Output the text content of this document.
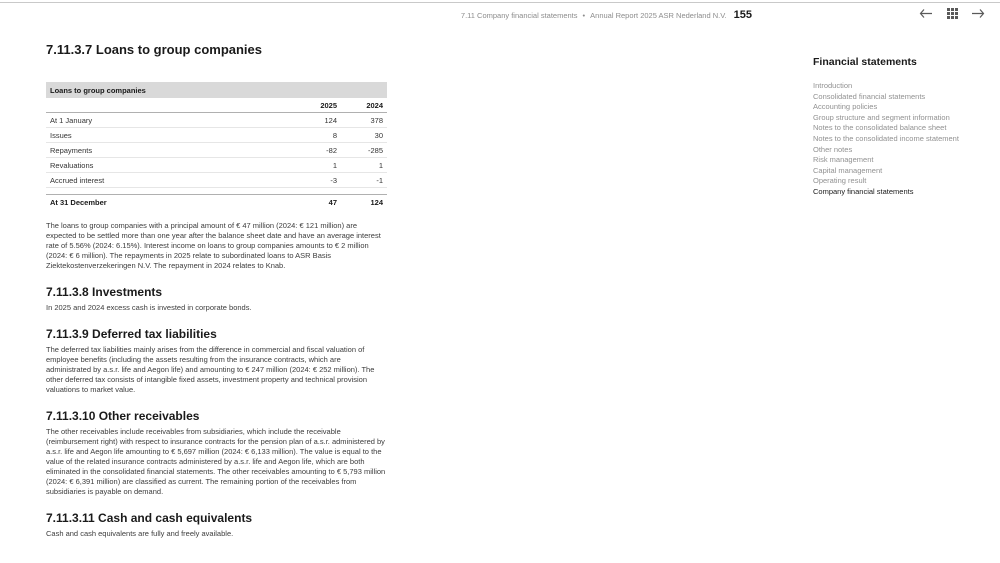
7.11 Company financial statements • Annual Report 2025 ASR Nederland N.V. 155
7.11.3.7 Loans to group companies
Loans to group companies
2025	2024
At 1 January	124	378
Issues	8	30
Repayments	-82	-285
Revaluations	1	1
Accrued interest	-3	-1
At 31 December	47	124

The loans to group companies with a principal amount of € 47 million (2024: € 121 million) are expected to be settled more than one year after the balance sheet date and have an average interest rate of 5.56% (2024: 6.15%). Interest income on loans to group companies amounts to € 2 million (2024: € 6 million). The repayments in 2025 relate to subordinated loans to ASR Basis Ziektekostenverzekeringen N.V. The repayment in 2024 relates to Knab.

7.11.3.8 Investments

In 2025 and 2024 excess cash is invested in corporate bonds.

7.11.3.9 Deferred tax liabilities

The deferred tax liabilities mainly arises from the difference in commercial and fiscal valuation of employee benefits (including the assets resulting from the insurance contracts, which are administrated by a.s.r. life and Aegon life) and amounting to € 247 million (2024: € 252 million). The other deferred tax consists of intangible fixed assets, investment property and technical provision valuations to market value.

7.11.3.10 Other receivables

The other receivables include receivables from subsidiaries, which include the receivable (reimbursement right) with respect to insurance contracts for the pension plan of a.s.r. administered by a.s.r. life and Aegon life amounting to € 5,697 million (2024: € 6,133 million). The value is equal to the value of the related insurance contracts administered by a.s.r. life and Aegon life, which are both eliminated in the consolidated financial statements. The other receivables amounting to € 5,793 million (2024: € 6,391 million) are classified as current. The remaining portion of the receivables from subsidiaries is payable on demand.

7.11.3.11 Cash and cash equivalents

Cash and cash equivalents are fully and freely available.

Financial statements
Introduction
Consolidated financial statements
Accounting policies
Group structure and segment information
Notes to the consolidated balance sheet
Notes to the consolidated income statement
Other notes
Risk management
Capital management
Operating result
Company financial statements
